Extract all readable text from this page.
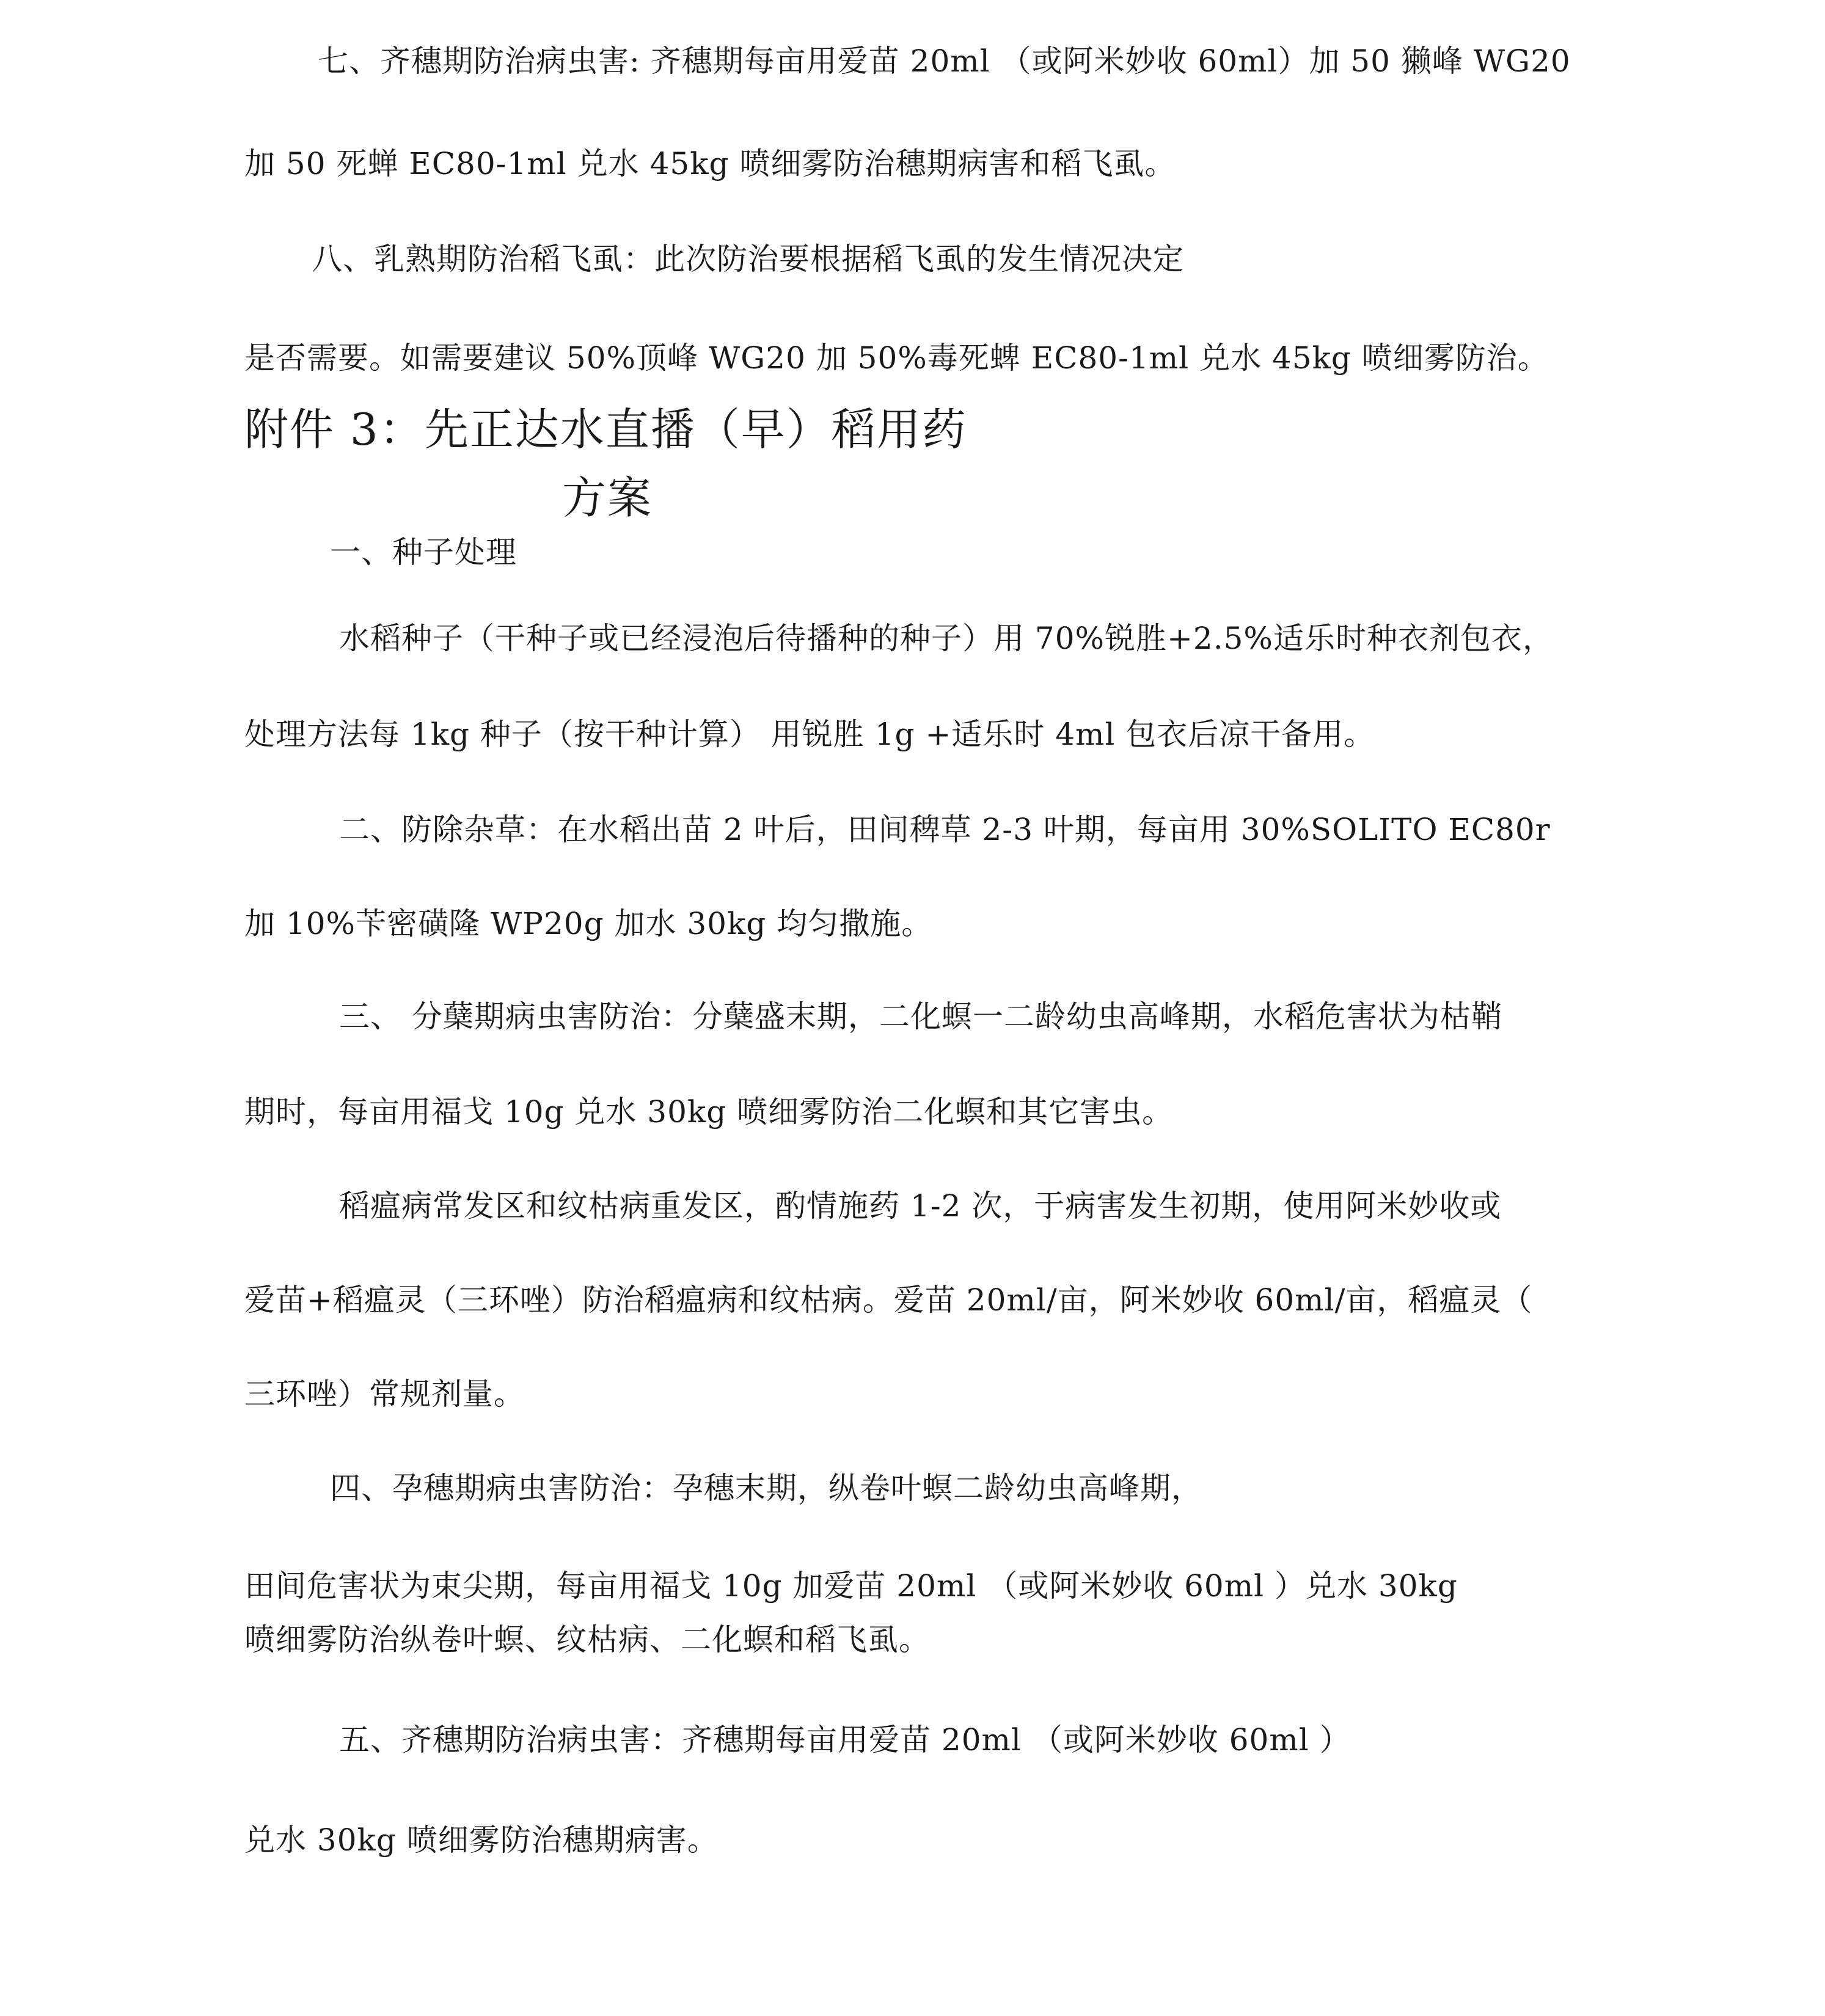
七、齐穗期防治病虫害: 齐穗期每亩用爱苗 20ml （或阿米妙收 60ml）加 50 獭峰 WG20
加 50 死蝉 EC80-1ml 兑水 45kg 喷细雾防治穗期病害和稻飞虱。
八、乳熟期防治稻飞虱：此次防治要根据稻飞虱的发生情况决定
是否需要。如需要建议 50%顶峰 WG20 加 50%毒死蜱 EC80-1ml 兑水 45kg 喷细雾防治。
附件 3：先正达水直播（早）稻用药
方案
一、种子处理
水稻种子（干种子或已经浸泡后待播种的种子）用 70%锐胜+2.5%适乐时种衣剂包衣，
处理方法每 1kg 种子（按干种计算） 用锐胜 1g +适乐时 4ml 包衣后凉干备用。
二、防除杂草：在水稻出苗 2 叶后，田间稗草 2-3 叶期，每亩用 30%SOLITO EC80r
加 10%苄密磺隆 WP20g 加水 30kg 均匀撒施。
三、 分蘖期病虫害防治：分蘖盛末期，二化螟一二龄幼虫高峰期，水稻危害状为枯鞘
期时，每亩用福戈 10g 兑水 30kg 喷细雾防治二化螟和其它害虫。
稻瘟病常发区和纹枯病重发区，酌情施药 1-2 次，于病害发生初期，使用阿米妙收或
爱苗+稻瘟灵（三环唑）防治稻瘟病和纹枯病。爱苗 20ml/亩，阿米妙收 60ml/亩，稻瘟灵（
三环唑）常规剂量。
四、孕穗期病虫害防治：孕穗末期，纵卷叶螟二龄幼虫高峰期，
田间危害状为束尖期，每亩用福戈 10g 加爱苗 20ml （或阿米妙收 60ml ）兑水 30kg
喷细雾防治纵卷叶螟、纹枯病、二化螟和稻飞虱。
五、齐穗期防治病虫害：齐穗期每亩用爱苗 20ml （或阿米妙收 60ml ）
兑水 30kg 喷细雾防治穗期病害。
